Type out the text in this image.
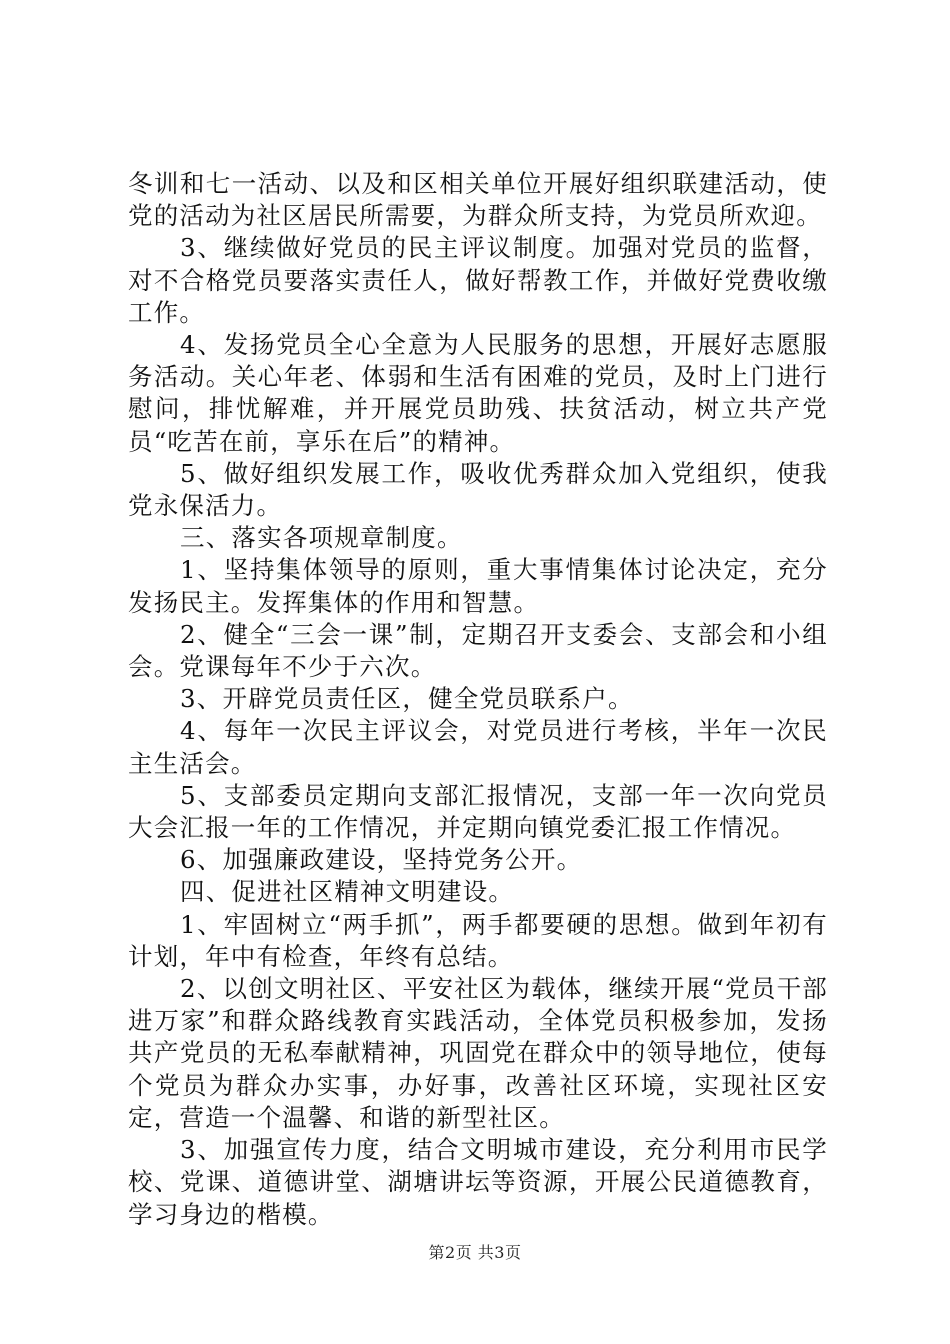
冬训和七一活动、以及和区相关单位开展好组织联建活动，使党的活动为社区居民所需要，为群众所支持，为党员所欢迎。

3、继续做好党员的民主评议制度。加强对党员的监督，对不合格党员要落实责任人，做好帮教工作，并做好党费收缴工作。

4、发扬党员全心全意为人民服务的思想，开展好志愿服务活动。关心年老、体弱和生活有困难的党员，及时上门进行慰问，排忧解难，并开展党员助残、扶贫活动，树立共产党员“吃苦在前，享乐在后”的精神。

5、做好组织发展工作，吸收优秀群众加入党组织，使我党永保活力。

三、落实各项规章制度。

1、坚持集体领导的原则，重大事情集体讨论决定，充分发扬民主。发挥集体的作用和智慧。

2、健全“三会一课”制，定期召开支委会、支部会和小组会。党课每年不少于六次。

3、开辟党员责任区，健全党员联系户。

4、每年一次民主评议会，对党员进行考核，半年一次民主生活会。

5、支部委员定期向支部汇报情况，支部一年一次向党员大会汇报一年的工作情况，并定期向镇党委汇报工作情况。

6、加强廉政建设，坚持党务公开。

四、促进社区精神文明建设。

1、牢固树立“两手抓”，两手都要硬的思想。做到年初有计划，年中有检查，年终有总结。

2、以创文明社区、平安社区为载体，继续开展“党员干部进万家”和群众路线教育实践活动，全体党员积极参加，发扬共产党员的无私奉献精神，巩固党在群众中的领导地位，使每个党员为群众办实事，办好事，改善社区环境，实现社区安定，营造一个温馨、和谐的新型社区。

3、加强宣传力度，结合文明城市建设，充分利用市民学校、党课、道德讲堂、湖塘讲坛等资源，开展公民道德教育，学习身边的楷模。

第2页 共3页
